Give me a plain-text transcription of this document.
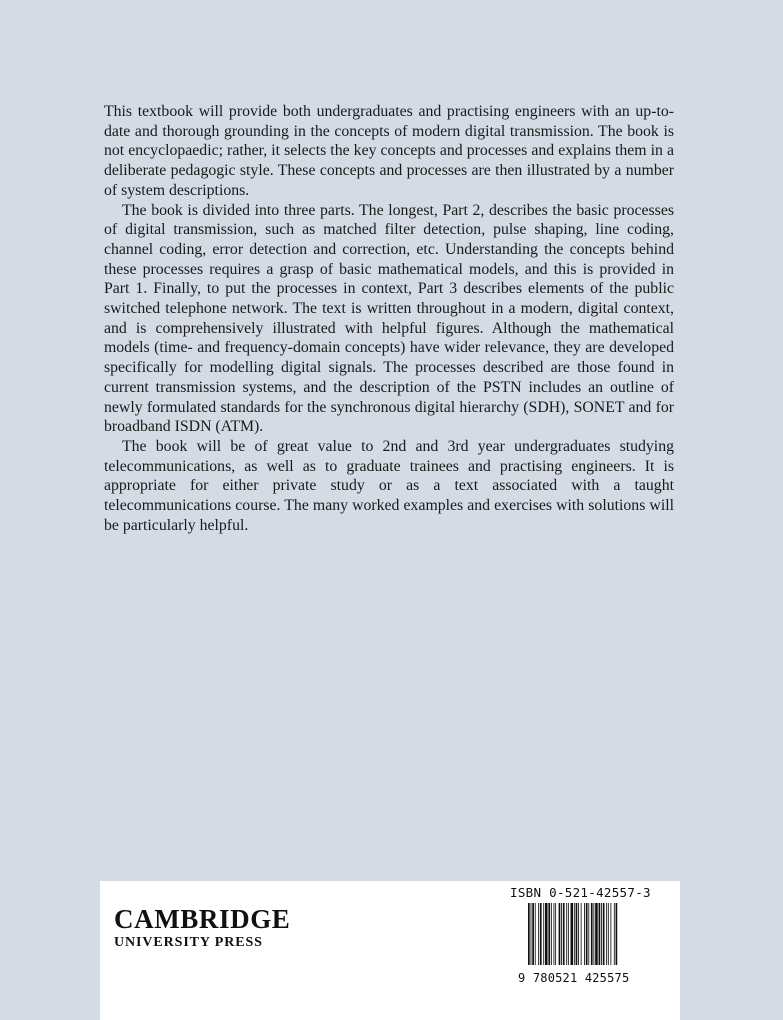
This textbook will provide both undergraduates and practising engineers with an up-to-date and thorough grounding in the concepts of modern digital transmission. The book is not encyclopaedic; rather, it selects the key concepts and processes and explains them in a deliberate pedagogic style. These concepts and processes are then illustrated by a number of system descriptions.

The book is divided into three parts. The longest, Part 2, describes the basic processes of digital transmission, such as matched filter detection, pulse shaping, line coding, channel coding, error detection and correction, etc. Understanding the concepts behind these processes requires a grasp of basic mathematical models, and this is provided in Part 1. Finally, to put the processes in context, Part 3 describes elements of the public switched telephone network. The text is written throughout in a modern, digital context, and is comprehensively illustrated with helpful figures. Although the mathematical models (time- and frequency-domain concepts) have wider relevance, they are developed specifically for modelling digital signals. The processes described are those found in current transmission systems, and the description of the PSTN includes an outline of newly formulated standards for the synchronous digital hierarchy (SDH), SONET and for broadband ISDN (ATM).

The book will be of great value to 2nd and 3rd year undergraduates studying telecommunications, as well as to graduate trainees and practising engineers. It is appropriate for either private study or as a text associated with a taught telecommunications course. The many worked examples and exercises with solutions will be particularly helpful.

CAMBRIDGE
UNIVERSITY PRESS
ISBN 0-521-42557-3
9 780521 425575
